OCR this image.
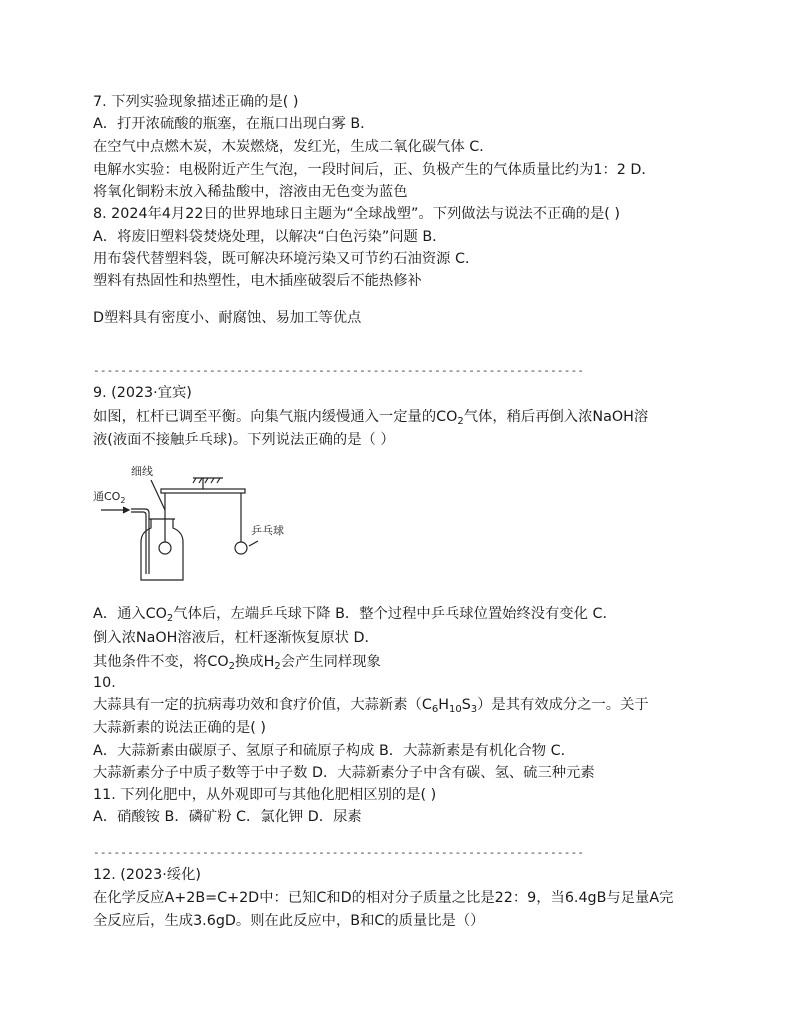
7. 下列实验现象描述正确的是( )
A．打开浓硫酸的瓶塞，在瓶口出现白雾 B．
在空气中点燃木炭，木炭燃烧，发红光，生成二氧化碳气体 C．
电解水实验：电极附近产生气泡，一段时间后，正、负极产生的气体质量比约为1：2 D．
将氧化铜粉末放入稀盐酸中，溶液由无色变为蓝色
8. 2024年4月22日的世界地球日主题为“全球战塑”。下列做法与说法不正确的是( )
A．将废旧塑料袋焚烧处理，以解决“白色污染”问题 B．
用布袋代替塑料袋，既可解决环境污染又可节约石油资源 C．
塑料有热固性和热塑性，电木插座破裂后不能热修补
D塑料具有密度小、耐腐蚀、易加工等优点
------------------------------------------------------------------------
9. (2023·宜宾)
如图，杠杆已调至平衡。向集气瓶内缓慢通入一定量的$CO_2$气体，稍后再倒入浓NaOH溶
液(液面不接触乒乓球)。下列说法正确的是（ ）
细线
通$CO_2$
乒乓球
A．通入$CO_2$气体后，左端乒乓球下降 B．整个过程中乒乓球位置始终没有变化 C．
倒入浓NaOH溶液后，杠杆逐渐恢复原状 D．
其他条件不变，将$CO_2$换成$H_2$会产生同样现象
10.
大蒜具有一定的抗病毒功效和食疗价值，大蒜新素$(C_6H_{10}S_3)$是其有效成分之一。关于
大蒜新素的说法正确的是( )
A．大蒜新素由碳原子、氢原子和硫原子构成 B．大蒜新素是有机化合物 C．
大蒜新素分子中质子数等于中子数 D．大蒜新素分子中含有碳、氢、硫三种元素
11. 下列化肥中，从外观即可与其他化肥相区别的是( )
A．硝酸铵 B．磷矿粉 C．氯化钾 D．尿素
------------------------------------------------------------------------
12. (2023·绥化)
在化学反应A+2B=C+2D中：已知C和D的相对分子质量之比是22：9，当6.4gB与足量A完
全反应后，生成3.6gD。则在此反应中，B和C的质量比是（）
